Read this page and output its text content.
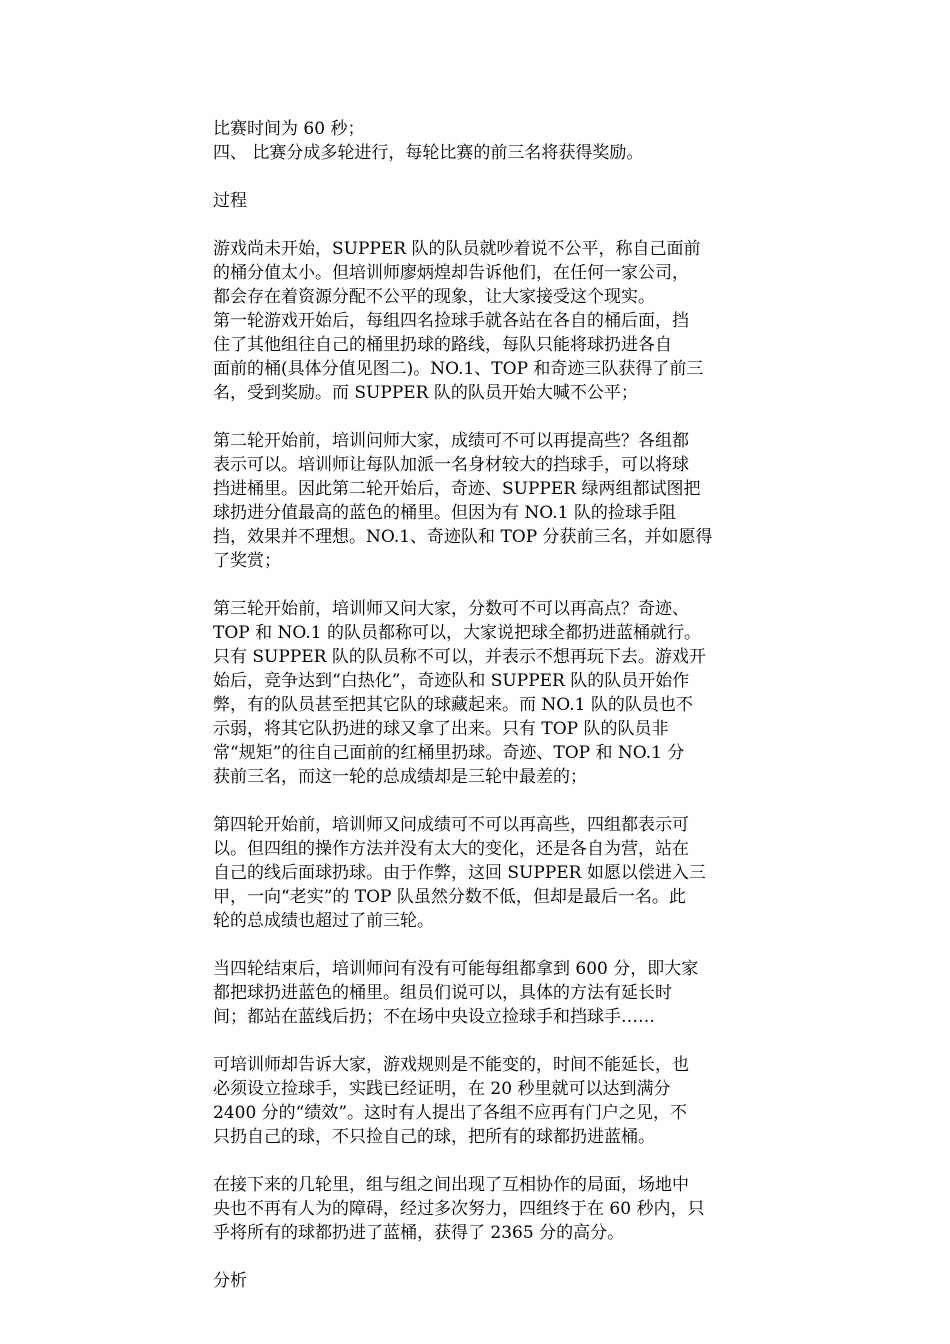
比赛时间为 60 秒；
四、 比赛分成多轮进行，每轮比赛的前三名将获得奖励。
过程
游戏尚未开始，SUPPER 队的队员就吵着说不公平，称自己面前
的桶分值太小。但培训师廖炳煌却告诉他们，在任何一家公司，
都会存在着资源分配不公平的现象，让大家接受这个现实。
第一轮游戏开始后，每组四名捡球手就各站在各自的桶后面，挡
住了其他组往自己的桶里扔球的路线，每队只能将球扔进各自
面前的桶(具体分值见图二)。NO.1、TOP 和奇迹三队获得了前三
名，受到奖励。而 SUPPER 队的队员开始大喊不公平；
第二轮开始前，培训问师大家，成绩可不可以再提高些？各组都
表示可以。培训师让每队加派一名身材较大的挡球手，可以将球
挡进桶里。因此第二轮开始后，奇迹、SUPPER 绿两组都试图把
球扔进分值最高的蓝色的桶里。但因为有 NO.1 队的捡球手阻
挡，效果并不理想。NO.1、奇迹队和 TOP 分获前三名，并如愿得
了奖赏；
第三轮开始前，培训师又问大家，分数可不可以再高点？奇迹、
TOP 和 NO.1 的队员都称可以，大家说把球全都扔进蓝桶就行。
只有 SUPPER 队的队员称不可以，并表示不想再玩下去。游戏开
始后，竞争达到“白热化”，奇迹队和 SUPPER 队的队员开始作
弊，有的队员甚至把其它队的球藏起来。而 NO.1 队的队员也不
示弱，将其它队扔进的球又拿了出来。只有 TOP 队的队员非
常“规矩”的往自己面前的红桶里扔球。奇迹、TOP 和 NO.1 分
获前三名，而这一轮的总成绩却是三轮中最差的；
第四轮开始前，培训师又问成绩可不可以再高些，四组都表示可
以。但四组的操作方法并没有太大的变化，还是各自为营，站在
自己的线后面球扔球。由于作弊，这回 SUPPER 如愿以偿进入三
甲，一向“老实”的 TOP 队虽然分数不低，但却是最后一名。此
轮的总成绩也超过了前三轮。
当四轮结束后，培训师问有没有可能每组都拿到 600 分，即大家
都把球扔进蓝色的桶里。组员们说可以，具体的方法有延长时
间；都站在蓝线后扔；不在场中央设立捡球手和挡球手……
可培训师却告诉大家，游戏规则是不能变的，时间不能延长，也
必须设立捡球手，实践已经证明，在 20 秒里就可以达到满分
2400 分的“绩效”。这时有人提出了各组不应再有门户之见，不
只扔自己的球，不只捡自己的球，把所有的球都扔进蓝桶。
在接下来的几轮里，组与组之间出现了互相协作的局面，场地中
央也不再有人为的障碍，经过多次努力，四组终于在 60 秒内，只
乎将所有的球都扔进了蓝桶，获得了 2365 分的高分。
分析
